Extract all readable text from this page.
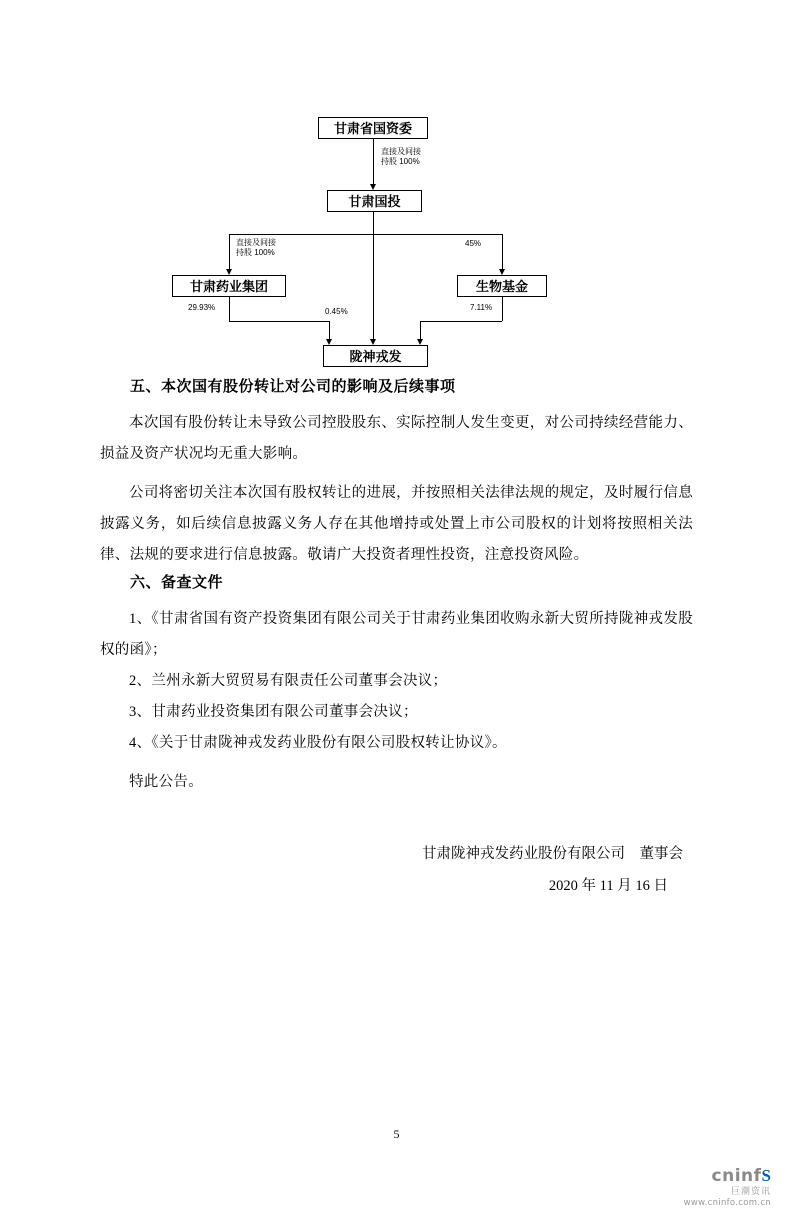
甘肃省国资委
甘肃国投
甘肃药业集团	生物基金
陇神戎发
直接及间接
持股 100%
直接及间接
持股 100%
45%
0.45%
29.93%	7.11%
五、本次国有股份转让对公司的影响及后续事项

本次国有股份转让未导致公司控股股东、实际控制人发生变更，对公司持续经营能力、损益及资产状况均无重大影响。

公司将密切关注本次国有股权转让的进展，并按照相关法律法规的规定，及时履行信息披露义务，如后续信息披露义务人存在其他增持或处置上市公司股权的计划将按照相关法律、法规的要求进行信息披露。敬请广大投资者理性投资，注意投资风险。

六、备查文件

1、《甘肃省国有资产投资集团有限公司关于甘肃药业集团收购永新大贸所持陇神戎发股权的函》；

2、兰州永新大贸贸易有限责任公司董事会决议；

3、甘肃药业投资集团有限公司董事会决议；

4、《关于甘肃陇神戎发药业股份有限公司股权转让协议》。

特此公告。

甘肃陇神戎发药业股份有限公司　董事会
2020 年 11 月 16 日
5
cninfS
巨潮资讯
www.cninfo.com.cn
